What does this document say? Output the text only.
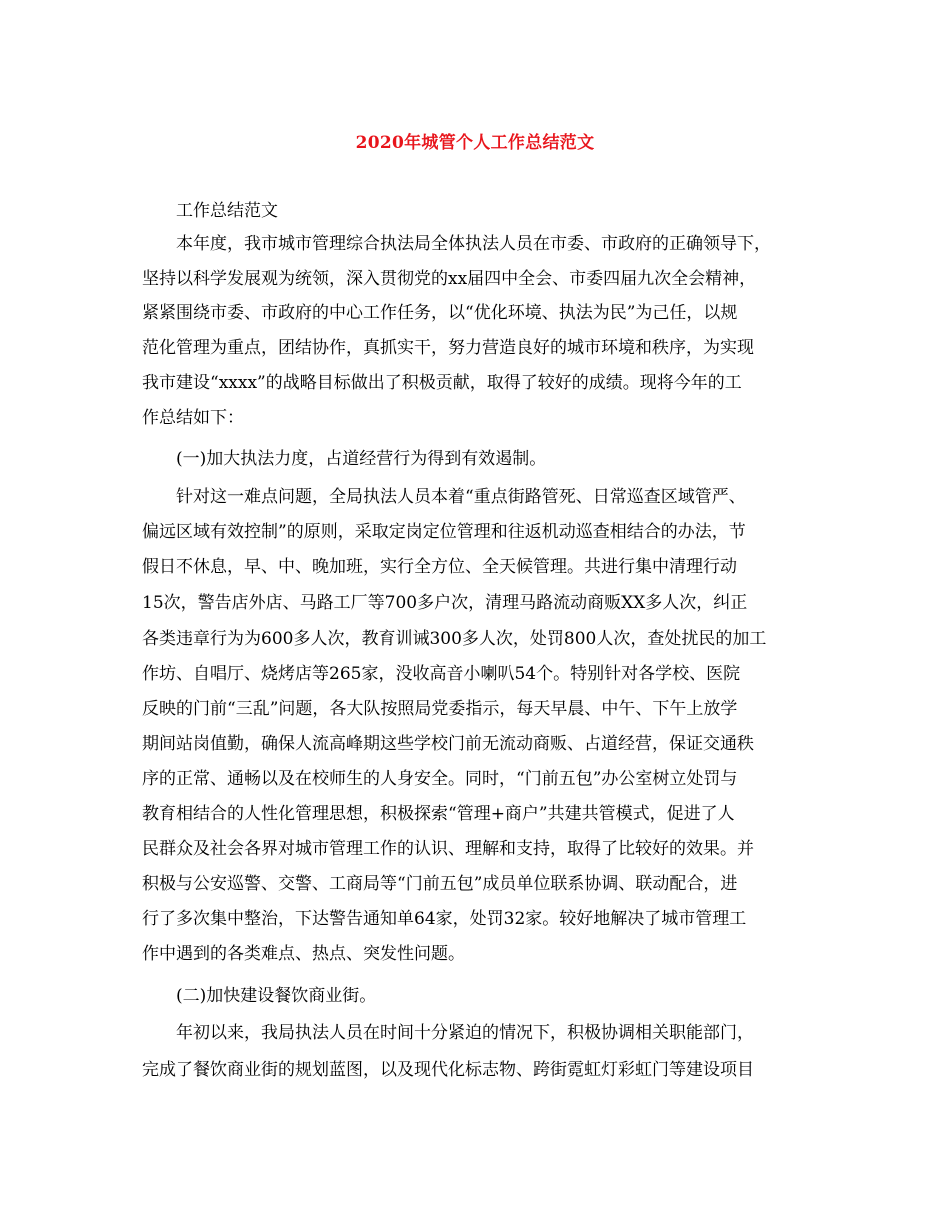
2020年城管个人工作总结范文
工作总结范文
本年度，我市城市管理综合执法局全体执法人员在市委、市政府的正确领导下，
坚持以科学发展观为统领，深入贯彻党的xx届四中全会、市委四届九次全会精神，
紧紧围绕市委、市政府的中心工作任务，以“优化环境、执法为民”为己任，以规
范化管理为重点，团结协作，真抓实干，努力营造良好的城市环境和秩序，为实现
我市建设“xxxx”的战略目标做出了积极贡献，取得了较好的成绩。现将今年的工
作总结如下：
(一)加大执法力度，占道经营行为得到有效遏制。
针对这一难点问题，全局执法人员本着“重点街路管死、日常巡查区域管严、
偏远区域有效控制”的原则，采取定岗定位管理和往返机动巡查相结合的办法，节
假日不休息，早、中、晚加班，实行全方位、全天候管理。共进行集中清理行动
15次，警告店外店、马路工厂等700多户次，清理马路流动商贩XX多人次，纠正
各类违章行为为600多人次，教育训诫300多人次，处罚800人次，查处扰民的加工
作坊、自唱厅、烧烤店等265家，没收高音小喇叭54个。特别针对各学校、医院
反映的门前“三乱”问题，各大队按照局党委指示，每天早晨、中午、下午上放学
期间站岗值勤，确保人流高峰期这些学校门前无流动商贩、占道经营，保证交通秩
序的正常、通畅以及在校师生的人身安全。同时，“门前五包”办公室树立处罚与
教育相结合的人性化管理思想，积极探索“管理+商户”共建共管模式，促进了人
民群众及社会各界对城市管理工作的认识、理解和支持，取得了比较好的效果。并
积极与公安巡警、交警、工商局等“门前五包”成员单位联系协调、联动配合，进
行了多次集中整治，下达警告通知单64家，处罚32家。较好地解决了城市管理工
作中遇到的各类难点、热点、突发性问题。
(二)加快建设餐饮商业街。
年初以来，我局执法人员在时间十分紧迫的情况下，积极协调相关职能部门，
完成了餐饮商业街的规划蓝图，以及现代化标志物、跨街霓虹灯彩虹门等建设项目
